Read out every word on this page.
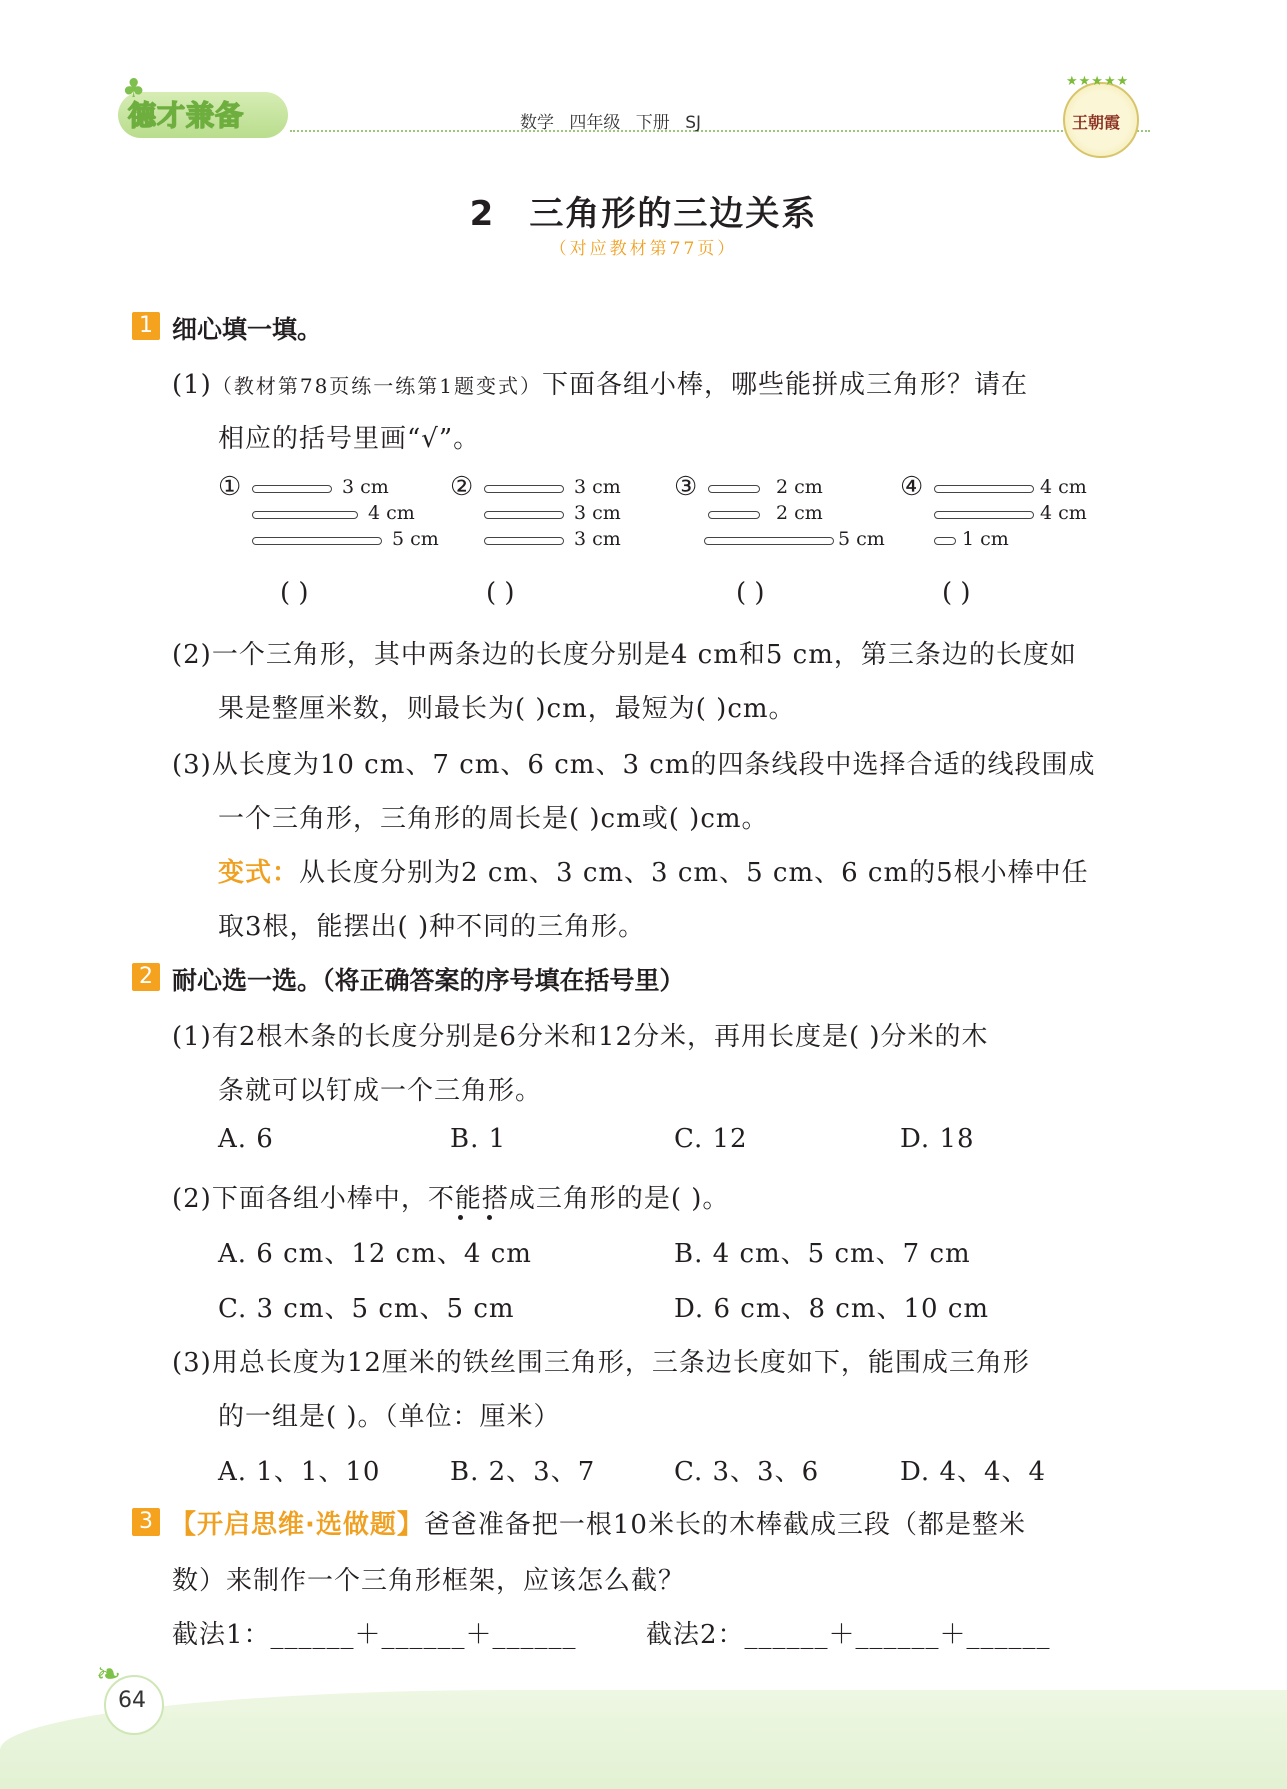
♣
德才兼备	数学 四年级 下册 SJ
★★★★★
王朝霞
2 三角形的三边关系
（对应教材第77页）
1 细心填一填。
(1)（教材第78页练一练第1题变式）下面各组小棒，哪些能拼成三角形？请在
相应的括号里画“√”。
①	3 cm
4 cm
5 cm
②	3 cm
3 cm
3 cm
③	2 cm
2 cm
5 cm
④	4 cm
4 cm
1 cm
( )	( )	( )	( )
(2)一个三角形，其中两条边的长度分别是4 cm和5 cm，第三条边的长度如
果是整厘米数，则最长为( )cm，最短为( )cm。
(3)从长度为10 cm、7 cm、6 cm、3 cm的四条线段中选择合适的线段围成
一个三角形，三角形的周长是( )cm或( )cm。
变式：从长度分别为2 cm、3 cm、3 cm、5 cm、6 cm的5根小棒中任
取3根，能摆出( )种不同的三角形。
2 耐心选一选。（将正确答案的序号填在括号里）
(1)有2根木条的长度分别是6分米和12分米，再用长度是( )分米的木
条就可以钉成一个三角形。
A. 6	B. 1	C. 12	D. 18
(2)下面各组小棒中，不能搭成三角形的是( )。
A. 6 cm、12 cm、4 cm	B. 4 cm、5 cm、7 cm
C. 3 cm、5 cm、5 cm	D. 6 cm、8 cm、10 cm
(3)用总长度为12厘米的铁丝围三角形，三条边长度如下，能围成三角形
的一组是( )。（单位：厘米）
A. 1、1、10	B. 2、3、7	C. 3、3、6	D. 4、4、4
3 【开启思维·选做题】爸爸准备把一根10米长的木棒截成三段（都是整米
数）来制作一个三角形框架，应该怎么截？
截法1：______＋______＋______	截法2：______＋______＋______
❧
64
